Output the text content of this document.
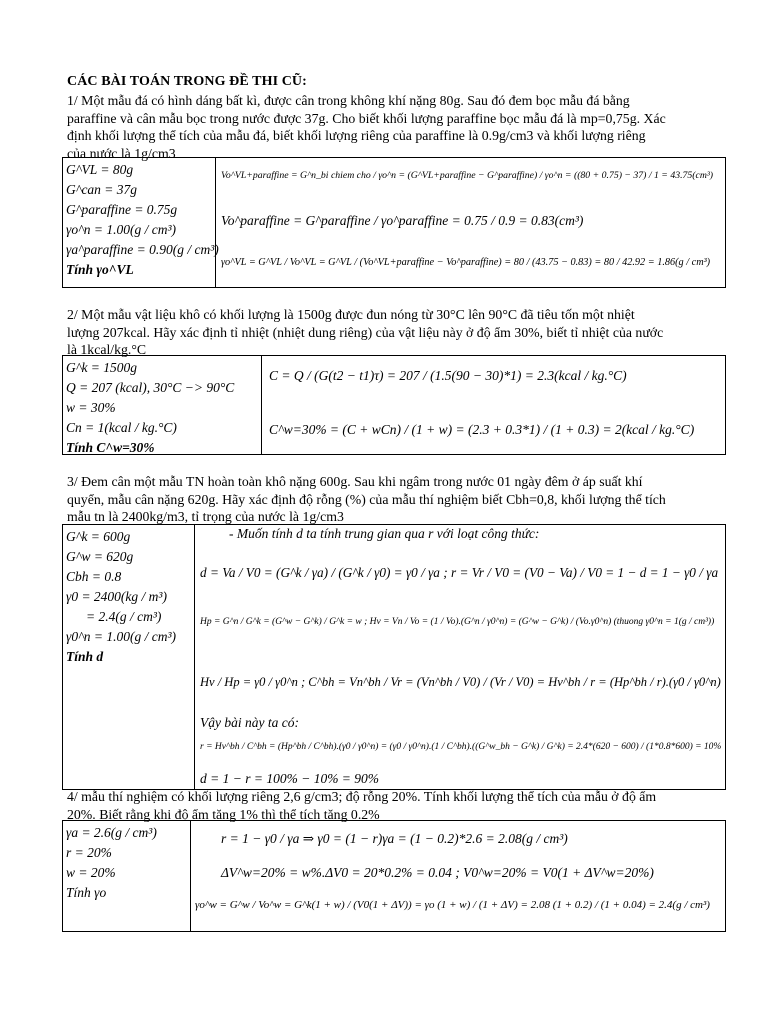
CÁC BÀI TOÁN TRONG ĐỀ THI CŨ:
1/ Một mẫu đá có hình dáng bất kì, được cân trong không khí nặng 80g. Sau đó đem bọc mẫu đá bằng
paraffine và cân mẫu bọc trong nước được 37g. Cho biết khối lượng paraffine bọc mẫu đá là mp=0,75g. Xác
định khối lượng thể tích của mẫu đá, biết khối lượng riêng của paraffine là 0.9g/cm3 và khối lượng riêng
của nước là 1g/cm3
G^VL = 80g
G^can = 37g
G^paraffine = 0.75g
γo^n = 1.00(g / cm³)
γa^paraffine = 0.90(g / cm³)
Tính γo^VL
Vo^VL+paraffine = G^n_bi chiem cho / γo^n = (G^VL+paraffine − G^paraffine) / γo^n = ((80 + 0.75) − 37) / 1 = 43.75(cm³)
Vo^paraffine = G^paraffine / γo^paraffine = 0.75 / 0.9 = 0.83(cm³)
γo^VL = G^VL / Vo^VL = G^VL / (Vo^VL+paraffine − Vo^paraffine) = 80 / (43.75 − 0.83) = 80 / 42.92 = 1.86(g / cm³)
2/ Một mẫu vật liệu khô có khối lượng là 1500g được đun nóng từ 30°C lên 90°C đã tiêu tốn một nhiệt
lượng 207kcal. Hãy xác định tỉ nhiệt (nhiệt dung riêng) của vật liệu này ở độ ẩm 30%, biết tỉ nhiệt của nước
là 1kcal/kg.°C
G^k = 1500g
Q = 207 (kcal), 30°C −> 90°C
w = 30%
Cn = 1(kcal / kg.°C)
Tính C^w=30%
C = Q / (G(t2 − t1)τ) = 207 / (1.5(90 − 30)*1) = 2.3(kcal / kg.°C)
C^w=30% = (C + wCn) / (1 + w) = (2.3 + 0.3*1) / (1 + 0.3) = 2(kcal / kg.°C)
3/ Đem cân một mẫu TN hoàn toàn khô nặng 600g. Sau khi ngâm trong nước 01 ngày đêm ở áp suất khí
quyển, mẫu cân nặng 620g. Hãy xác định độ rỗng (%) của mẫu thí nghiệm biết Cbh=0,8, khối lượng thể tích
mẫu tn là 2400kg/m3, tỉ trọng của nước là 1g/cm3
G^k = 600g
G^w = 620g
Cbh = 0.8
γ0 = 2400(kg / m³)
= 2.4(g / cm³)
γ0^n = 1.00(g / cm³)
Tính d
- Muốn tính d ta tính trung gian qua r với loạt công thức:
d = Va / V0 = (G^k / γa) / (G^k / γ0) = γ0 / γa ; r = Vr / V0 = (V0 − Va) / V0 = 1 − d = 1 − γ0 / γa
Hp = G^n / G^k = (G^w − G^k) / G^k = w ; Hv = Vn / Vo = (1 / Vo).(G^n / γ0^n) = (G^w − G^k) / (Vo.γ0^n) (thuong γ0^n = 1(g / cm³))
Hv / Hp = γ0 / γ0^n ; C^bh = Vn^bh / Vr = (Vn^bh / V0) / (Vr / V0) = Hv^bh / r = (Hp^bh / r).(γ0 / γ0^n)
Vậy bài này ta có:
r = Hv^bh / C^bh = (Hp^bh / C^bh).(γ0 / γ0^n) = (γ0 / γ0^n).(1 / C^bh).((G^w_bh − G^k) / G^k) = 2.4*(620 − 600) / (1*0.8*600) = 10%
d = 1 − r = 100% − 10% = 90%
4/ mẫu thí nghiệm có khối lượng riêng 2,6 g/cm3; độ rỗng 20%. Tính khối lượng thể tích của mẫu ở độ ẩm
20%. Biết rằng khi độ ẩm tăng 1% thì thể tích tăng 0.2%
γa = 2.6(g / cm³)
r = 20%
w = 20%
Tính γo
r = 1 − γ0 / γa ⇒ γ0 = (1 − r)γa = (1 − 0.2)*2.6 = 2.08(g / cm³)
ΔV^w=20% = w%.ΔV0 = 20*0.2% = 0.04 ; V0^w=20% = V0(1 + ΔV^w=20%)
γo^w = G^w / Vo^w = G^k(1 + w) / (V0(1 + ΔV)) = γo (1 + w) / (1 + ΔV) = 2.08 (1 + 0.2) / (1 + 0.04) = 2.4(g / cm³)
